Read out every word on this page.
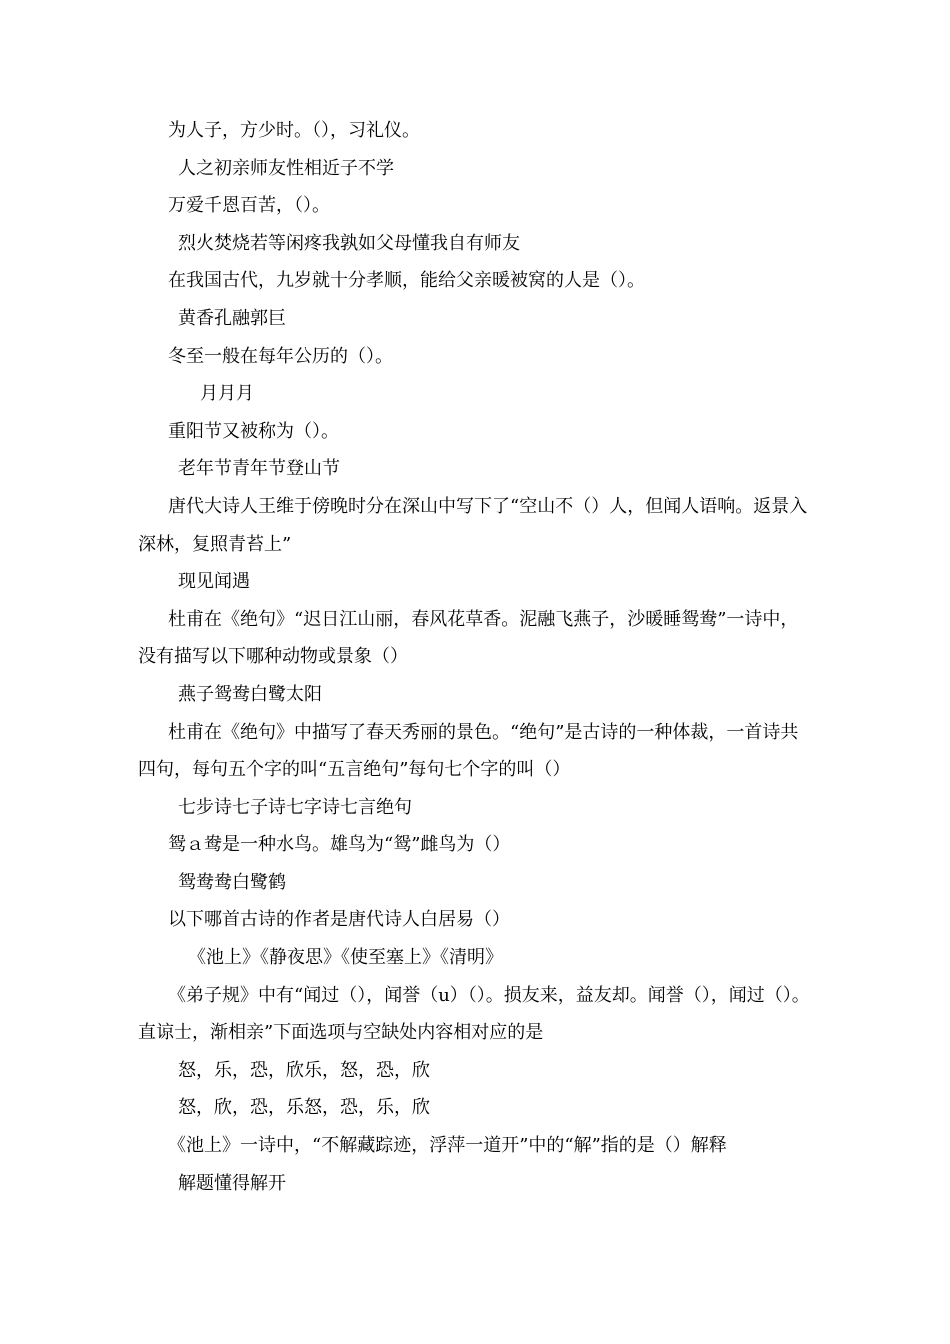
为人子，方少时。（），习礼仪。

人之初亲师友性相近子不学

万爱千恩百苦，（）。

烈火焚烧若等闲疼我孰如父母懂我自有师友

在我国古代，九岁就十分孝顺，能给父亲暖被窝的人是（）。

黄香孔融郭巨

冬至一般在每年公历的（）。

月月月

重阳节又被称为（）。

老年节青年节登山节

唐代大诗人王维于傍晚时分在深山中写下了“空山不（）人，但闻人语响。返景入深林，复照青苔上”

现见闻遇

杜甫在《绝句》“迟日江山丽，春风花草香。泥融飞燕子，沙暖睡鸳鸯”一诗中，没有描写以下哪种动物或景象（）

燕子鸳鸯白鹭太阳

杜甫在《绝句》中描写了春天秀丽的景色。“绝句”是古诗的一种体裁，一首诗共四句，每句五个字的叫“五言绝句”每句七个字的叫（）

七步诗七子诗七字诗七言绝句

鸳ａ鸯是一种水鸟。雄鸟为“鸳”雌鸟为（）

鸳鸯鸯白鹭鹤

以下哪首古诗的作者是唐代诗人白居易（）

《池上》《静夜思》《使至塞上》《清明》

《弟子规》中有“闻过（），闻誉（u）（）。损友来，益友却。闻誉（），闻过（）。直谅士，渐相亲”下面选项与空缺处内容相对应的是

怒，乐，恐，欣乐，怒，恐，欣

怒，欣，恐，乐怒，恐，乐，欣

《池上》一诗中，“不解藏踪迹，浮萍一道开”中的“解”指的是（）解释

解题懂得解开
